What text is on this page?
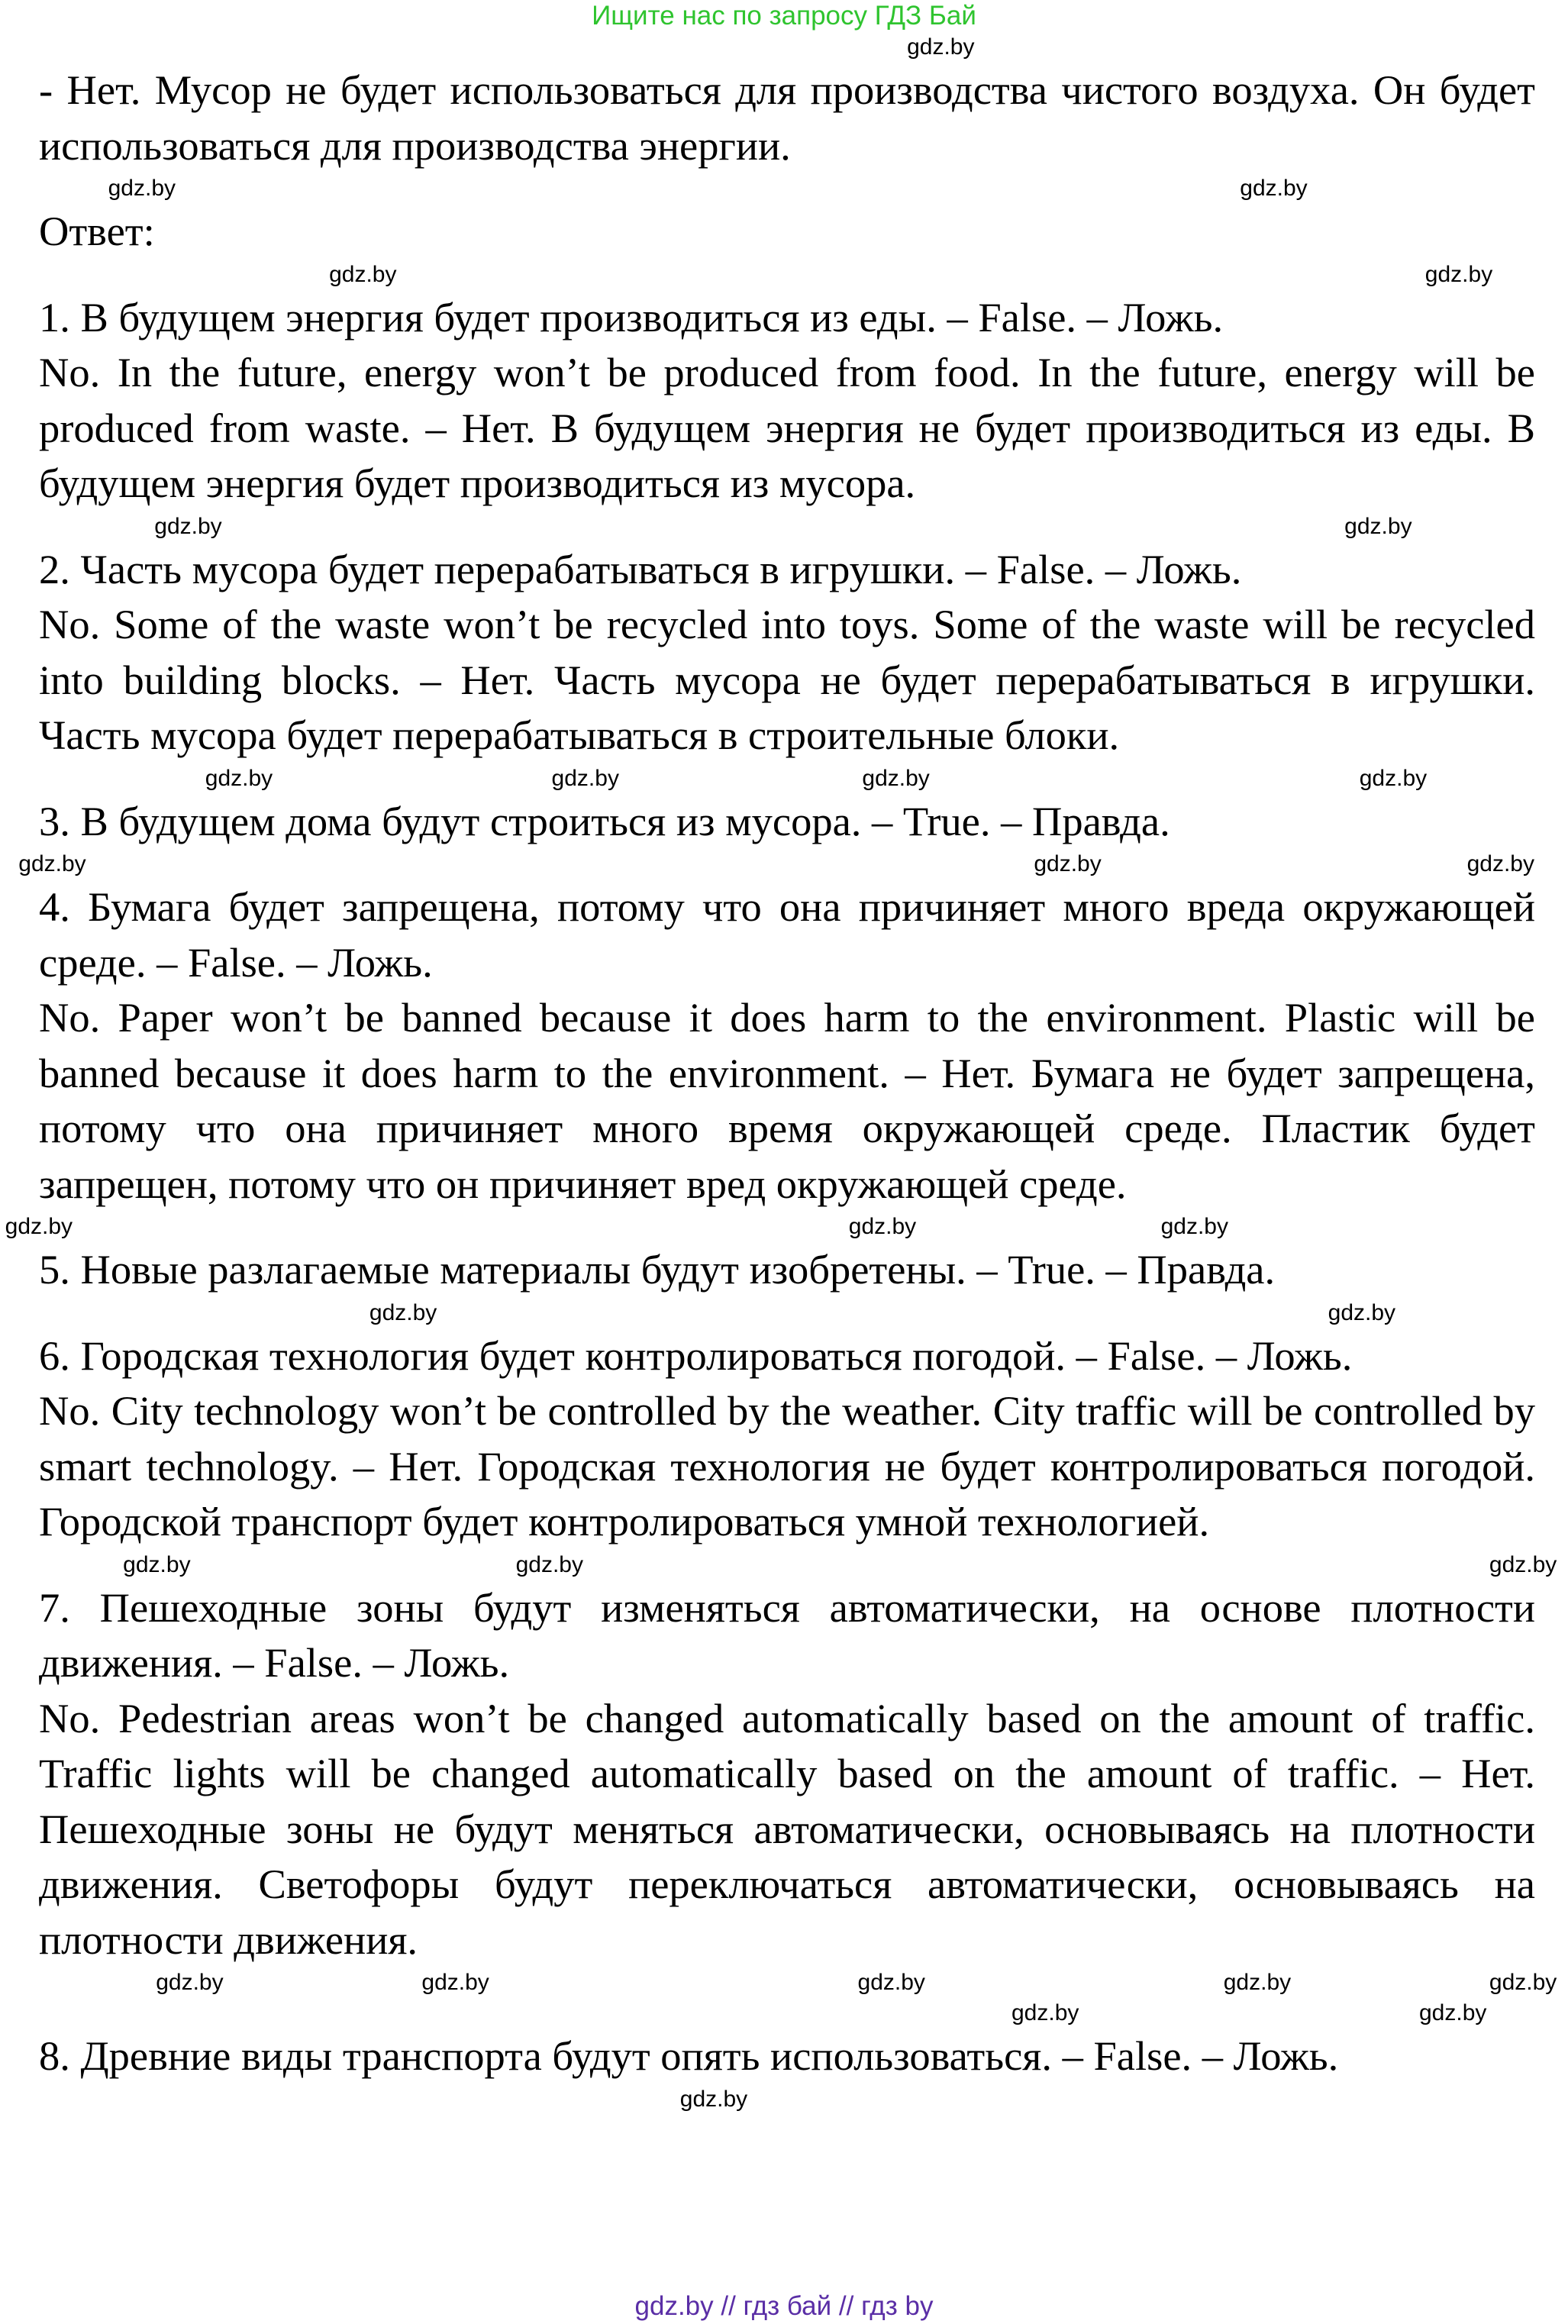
Ищите нас по запросу ГДЗ Бай
gdz.by

- Нет. Мусор не будет использоваться для производства чистого воздуха. Он будет использоваться для производства энергии.

gdz.by
gdz.by

Ответ:

gdz.by	gdz.by
1. В будущем энергия будет производиться из еды. – False. – Ложь.
No. In the future, energy won’t be produced from food. In the future, energy will be produced from waste. – Нет. В будущем энергия не будет производиться из еды. В будущем энергия будет производиться из мусора.
gdz.by
gdz.by
2. Часть мусора будет перерабатываться в игрушки. – False. – Ложь.
No. Some of the waste won’t be recycled into toys. Some of the waste will be recycled into building blocks. – Нет. Часть мусора не будет перерабатываться в игрушки. Часть мусора будет перерабатываться в строительные блоки.
gdz.by
gdz.by	gdz.by
gdz.by
3. В будущем дома будут строиться из мусора. – True. – Правда.
gdz.by
gdz.by	gdz.by
4. Бумага будет запрещена, потому что она причиняет много вреда окружающей среде. – False. – Ложь.
No. Paper won’t be banned because it does harm to the environment. Plastic will be banned because it does harm to the environment. – Нет. Бумага не будет запрещена, потому что она причиняет много время окружающей среде. Пластик будет запрещен, потому что он причиняет вред окружающей среде.
gdz.by
gdz.by	gdz.by
5. Новые разлагаемые материалы будут изобретены. – True. – Правда.
gdz.by
gdz.by
6. Городская технология будет контролироваться погодой. – False. – Ложь.
No. City technology won’t be controlled by the weather. City traffic will be controlled by smart technology. – Нет. Городская технология не будет контролироваться погодой. Городской транспорт будет контролироваться умной технологией.
gdz.by
gdz.by
gdz.by
7. Пешеходные зоны будут изменяться автоматически, на основе плотности движения. – False. – Ложь.
No. Pedestrian areas won’t be changed automatically based on the amount of traffic. Traffic lights will be changed automatically based on the amount of traffic. – Нет. Пешеходные зоны не будут меняться автоматически, основываясь на плотности движения. Светофоры будут переключаться автоматически, основываясь на плотности движения.
gdz.by
gdz.by	gdz.by
gdz.by
gdz.by
gdz.by
gdz.by
8. Древние виды транспорта будут опять использоваться. – False. – Ложь.
gdz.by
gdz.by // гдз бай // гдз by
